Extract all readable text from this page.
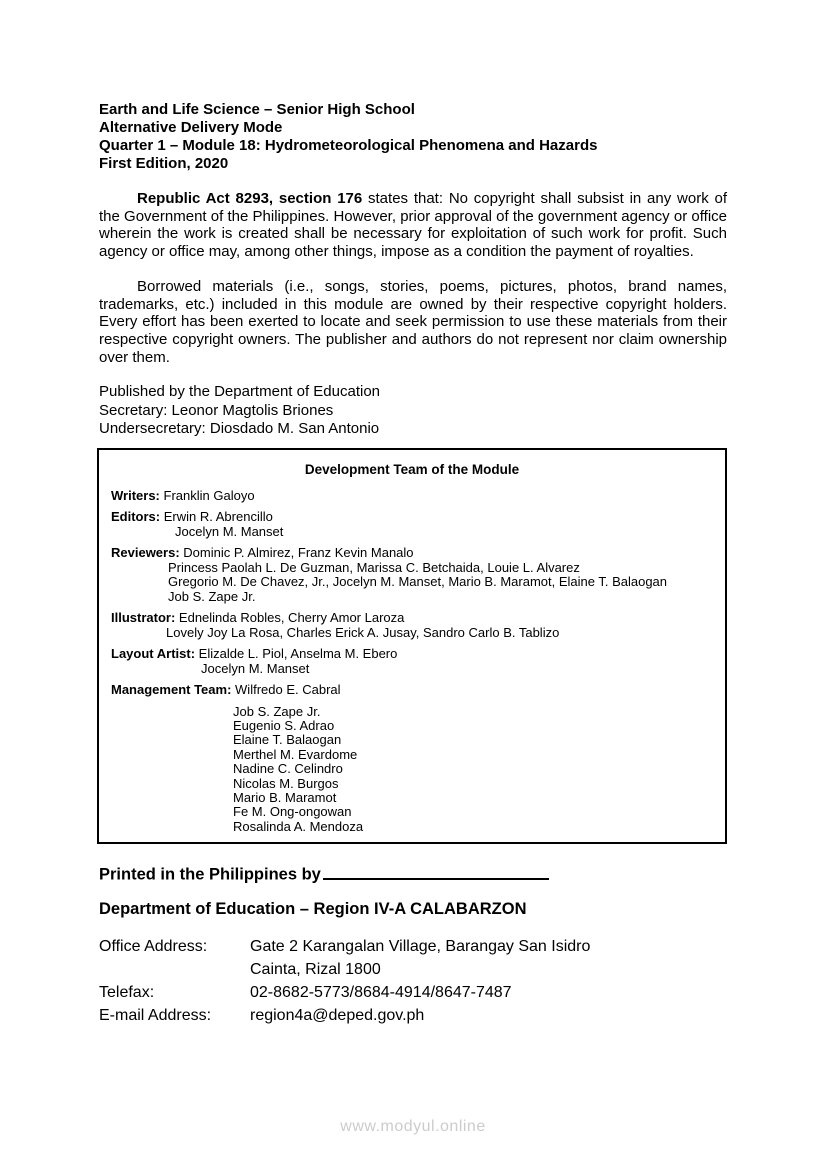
Earth and Life Science – Senior High School
Alternative Delivery Mode
Quarter 1 – Module 18: Hydrometeorological Phenomena and Hazards
First Edition, 2020
Republic Act 8293, section 176 states that: No copyright shall subsist in any work of the Government of the Philippines. However, prior approval of the government agency or office wherein the work is created shall be necessary for exploitation of such work for profit. Such agency or office may, among other things, impose as a condition the payment of royalties.
Borrowed materials (i.e., songs, stories, poems, pictures, photos, brand names, trademarks, etc.) included in this module are owned by their respective copyright holders. Every effort has been exerted to locate and seek permission to use these materials from their respective copyright owners. The publisher and authors do not represent nor claim ownership over them.
Published by the Department of Education
Secretary: Leonor Magtolis Briones
Undersecretary: Diosdado M. San Antonio
Development Team of the Module
Writers: Franklin Galoyo
Editors: Erwin R. Abrencillo
Jocelyn M. Manset
Reviewers: Dominic P. Almirez, Franz Kevin Manalo
Princess Paolah L. De Guzman, Marissa C. Betchaida, Louie L. Alvarez
Gregorio M. De Chavez, Jr., Jocelyn M. Manset, Mario B. Maramot, Elaine T. Balaogan
Job S. Zape Jr.
Illustrator: Ednelinda Robles, Cherry Amor Laroza
Lovely Joy La Rosa, Charles Erick A. Jusay, Sandro Carlo B. Tablizo
Layout Artist: Elizalde L. Piol, Anselma M. Ebero
Jocelyn M. Manset
Management Team: Wilfredo E. Cabral
Job S. Zape Jr.
Eugenio S. Adrao
Elaine T. Balaogan
Merthel M. Evardome
Nadine C. Celindro
Nicolas M. Burgos
Mario B. Maramot
Fe M. Ong-ongowan
Rosalinda A. Mendoza
Printed in the Philippines by
Department of Education – Region IV-A CALABARZON
Office Address:	Gate 2 Karangalan Village, Barangay San Isidro
Cainta, Rizal 1800
Telefax:	02-8682-5773/8684-4914/8647-7487
E-mail Address:	region4a@deped.gov.ph
www.modyul.online
